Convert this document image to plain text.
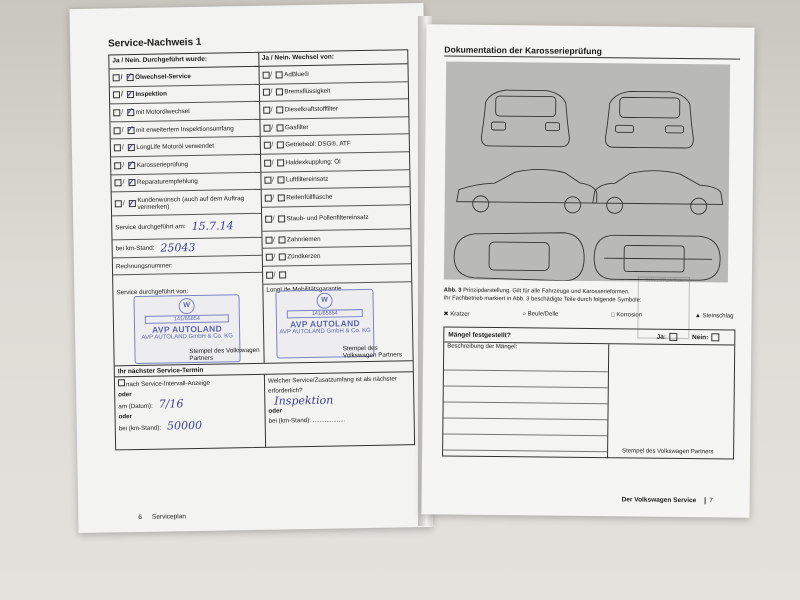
Service-Nachweis 1
Ja / Nein. Durchgeführt wurde:
/ ✓ Ölwechsel-Service
/ ✓ Inspektion
/ ✓ mit Motorölwechsel
/ ✓ mit erweitertem Inspektionsumfang
/ ✓ LongLife Motoröl verwendet
/ ✓ Karosserieprüfung
/ ✓ Reparaturempfehlung
/ ✓ Kundenwunsch (auch auf dem Auftrag vermerken)
Service durchgeführt am: 15.7.14
bei km-Stand: 25043
Rechnungsnummer:
Ja / Nein. Wechsel von:
/ AdBlue®
/ Bremsflüssigkeit
/ Dieselkraftstofffilter
/ Gasfilter
/ Getriebeöl: DSG®, ATF
/ Haldexkupplung: Öl
/ Luftfiltereinsatz
/ Reifenfüllflasche
/ Staub- und Pollenfiltereinsatz
/ Zahnriemen
/ Zündkerzen
/
Service durchgeführt von:
W
141/65854
AVP AUTOLAND
AVP AUTOLAND GmbH & Co. KG
Stempel des Volkswagen Partners
LongLife Mobilitätsgarantie
W
141/65854
AVP AUTOLAND
AVP AUTOLAND GmbH & Co. KG
Stempel des Volkswagen Partners
Ihr nächster Service-Termin
nach Service-Intervall-Anzeige
oder
am (Datum): 7/16
oder
bei (km-Stand): 50000
Welcher Service/Zusatzumfang ist als nächster erforderlich?
Inspektion
oder
bei (km-Stand): ...................
6 Serviceplan
Dokumentation der Karosserieprüfung
AVP AUTOLAND
Abb. 3 Prinzipdarstellung. Gilt für alle Fahrzeuge und Karosserieformen.
Ihr Fachbetrieb markiert in Abb. 3 beschädigte Teile durch folgende Symbole:
✖ Kratzer	○ Beule/Delle	□ Korrosion	▲ Steinschlag
Mängel festgestellt?	Ja:	Nein:
Beschreibung der Mängel:
Stempel des Volkswagen Partners
Der Volkswagen Service 7
